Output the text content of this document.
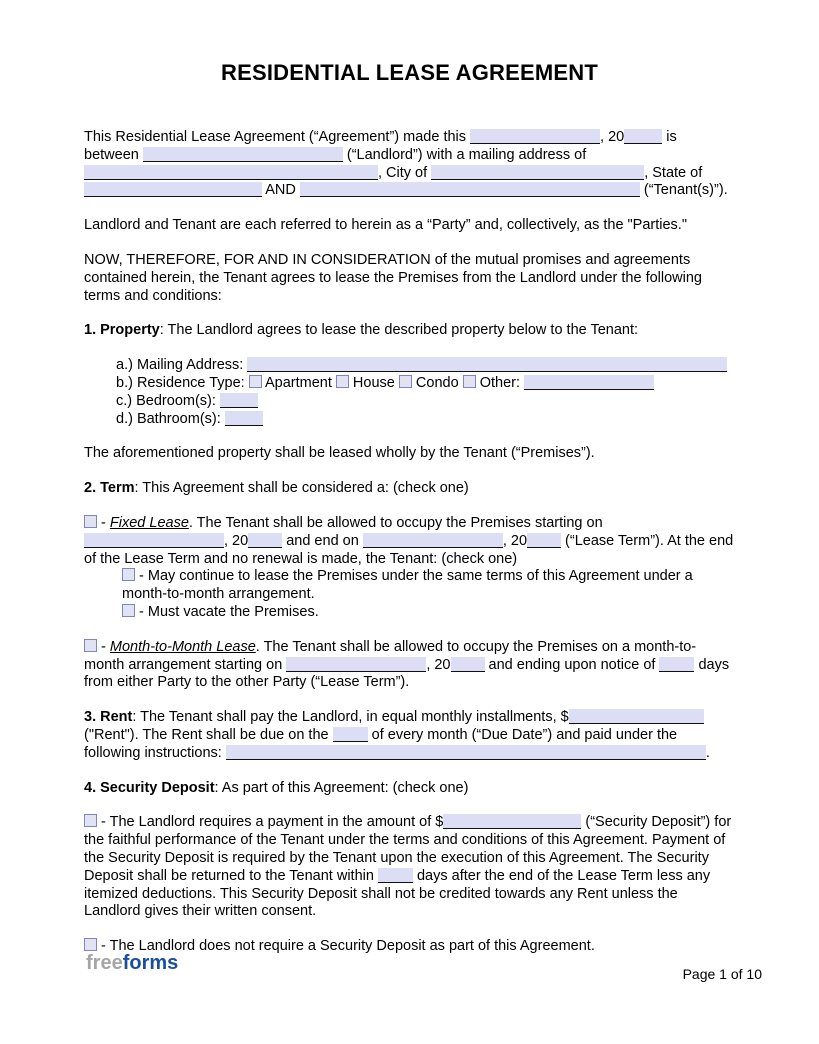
RESIDENTIAL LEASE AGREEMENT
This Residential Lease Agreement (“Agreement”) made this	, 20	is
between	(“Landlord”) with a mailing address of
, City of	, State of
AND	(“Tenant(s)”).
Landlord and Tenant are each referred to herein as a “Party” and, collectively, as the "Parties."
NOW, THEREFORE, FOR AND IN CONSIDERATION of the mutual promises and agreements contained herein, the Tenant agrees to lease the Premises from the Landlord under the following terms and conditions:
1. Property: The Landlord agrees to lease the described property below to the Tenant:
a.) Mailing Address:
b.) Residence Type:  Apartment  House  Condo  Other:
c.) Bedroom(s):
d.) Bathroom(s):
The aforementioned property shall be leased wholly by the Tenant (“Premises”).
2. Term: This Agreement shall be considered a: (check one)
- Fixed Lease. The Tenant shall be allowed to occupy the Premises starting on
, 20 and end on	, 20 (“Lease Term”). At the end
of the Lease Term and no renewal is made, the Tenant: (check one)
- May continue to lease the Premises under the same terms of this Agreement under a month-to-month arrangement.
- Must vacate the Premises.
- Month-to-Month Lease. The Tenant shall be allowed to occupy the Premises on a month-to-
month arrangement starting on	, 20 and ending upon notice of  days
from either Party to the other Party (“Lease Term”).
3. Rent: The Tenant shall pay the Landlord, in equal monthly installments, $
("Rent"). The Rent shall be due on the  of every month (“Due Date”) and paid under the
following instructions:	.
4. Security Deposit: As part of this Agreement: (check one)
- The Landlord requires a payment in the amount of $	(“Security Deposit”) for the faithful performance of the Tenant under the terms and conditions of this Agreement. Payment of the Security Deposit is required by the Tenant upon the execution of this Agreement. The Security Deposit shall be returned to the Tenant within  days after the end of the Lease Term less any itemized deductions. This Security Deposit shall not be credited towards any Rent unless the Landlord gives their written consent.
- The Landlord does not require a Security Deposit as part of this Agreement.
freeforms	Page 1 of 10
